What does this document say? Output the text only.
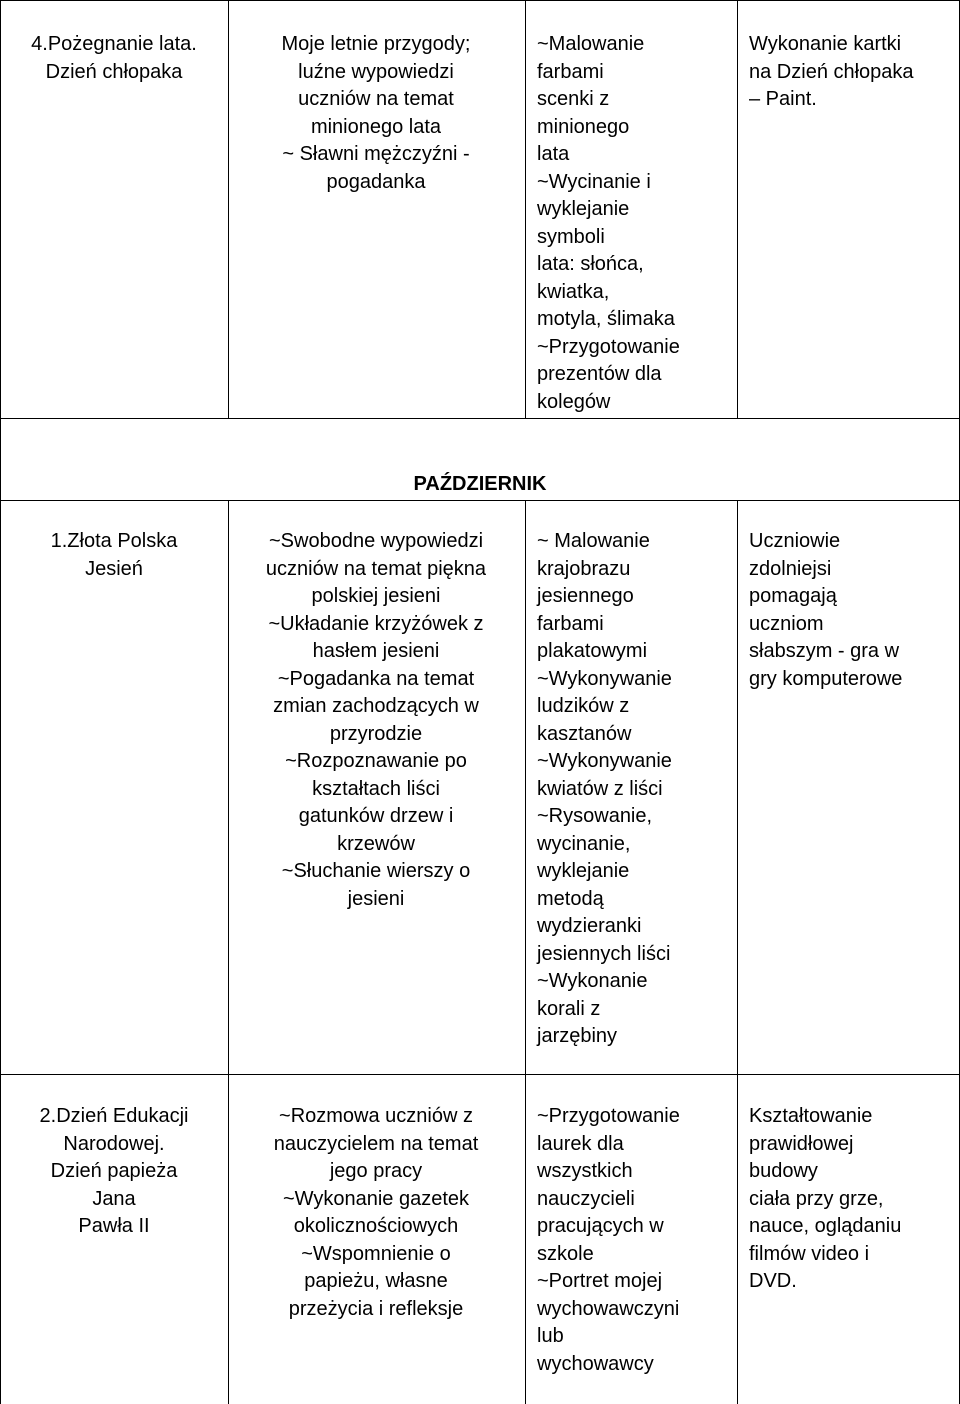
4.Pożegnanie lata.
Dzień chłopaka
Moje letnie przygody;
luźne wypowiedzi
uczniów na temat
minionego lata
~ Sławni mężczyźni -
pogadanka
~Malowanie
farbami
scenki z
minionego
lata
~Wycinanie i
wyklejanie
symboli
lata: słońca,
kwiatka,
motyla, ślimaka
~Przygotowanie
prezentów dla
kolegów
Wykonanie kartki
na Dzień chłopaka
– Paint.
PAŹDZIERNIK
1.Złota Polska
Jesień
~Swobodne wypowiedzi
uczniów na temat piękna
polskiej jesieni
~Układanie krzyżówek z
hasłem jesieni
~Pogadanka na temat
zmian zachodzących w
przyrodzie
~Rozpoznawanie po
kształtach liści
gatunków drzew i
krzewów
~Słuchanie wierszy o
jesieni
~ Malowanie
krajobrazu
jesiennego
farbami
plakatowymi
~Wykonywanie
ludzików z
kasztanów
~Wykonywanie
kwiatów z liści
~Rysowanie,
wycinanie,
wyklejanie
metodą
wydzieranki
jesiennych liści
~Wykonanie
korali z
jarzębiny
Uczniowie
zdolniejsi
pomagają
uczniom
słabszym - gra w
gry komputerowe
2.Dzień Edukacji
Narodowej.
Dzień papieża
Jana
Pawła II
~Rozmowa uczniów z
nauczycielem na temat
jego pracy
~Wykonanie gazetek
okolicznościowych
~Wspomnienie o
papieżu, własne
przeżycia i refleksje
~Przygotowanie
laurek dla
wszystkich
nauczycieli
pracujących w
szkole
~Portret mojej
wychowawczyni
lub
wychowawcy
Kształtowanie
prawidłowej
budowy
ciała przy grze,
nauce, oglądaniu
filmów video i
DVD.
